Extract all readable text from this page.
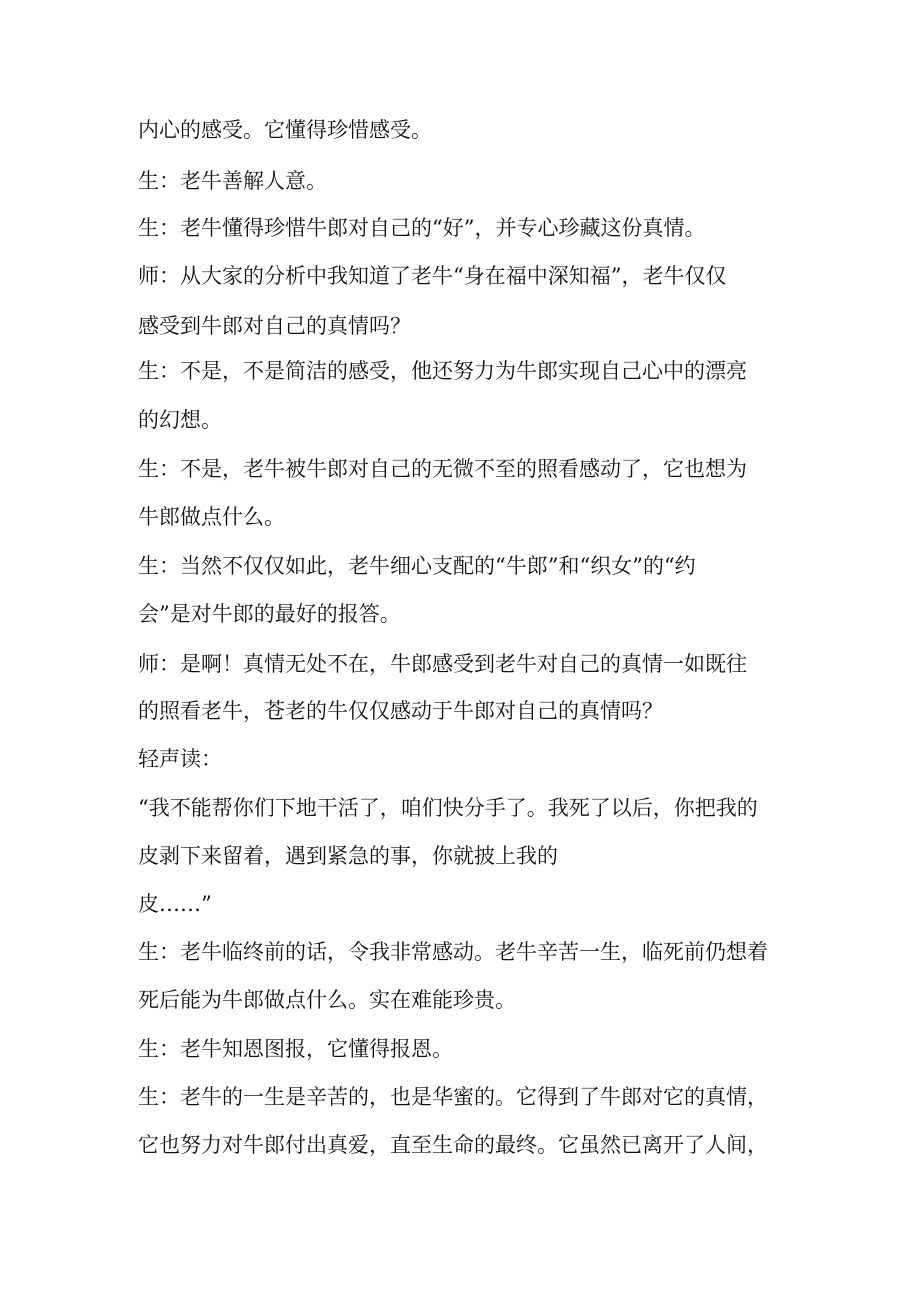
内心的感受。它懂得珍惜感受。

生：老牛善解人意。

生：老牛懂得珍惜牛郎对自己的“好”，并专心珍藏这份真情。

师：从大家的分析中我知道了老牛“身在福中深知福”，老牛仅仅

感受到牛郎对自己的真情吗？

生：不是，不是简洁的感受，他还努力为牛郎实现自己心中的漂亮

的幻想。

生：不是，老牛被牛郎对自己的无微不至的照看感动了，它也想为

牛郎做点什么。

生：当然不仅仅如此，老牛细心支配的“牛郎”和“织女”的“约

会”是对牛郎的最好的报答。

师：是啊！真情无处不在，牛郎感受到老牛对自己的真情一如既往

的照看老牛，苍老的牛仅仅感动于牛郎对自己的真情吗？

轻声读：

“我不能帮你们下地干活了，咱们快分手了。我死了以后，你把我的

皮剥下来留着，遇到紧急的事，你就披上我的

皮……”

生：老牛临终前的话，令我非常感动。老牛辛苦一生，临死前仍想着

死后能为牛郎做点什么。实在难能珍贵。

生：老牛知恩图报，它懂得报恩。

生：老牛的一生是辛苦的，也是华蜜的。它得到了牛郎对它的真情，

它也努力对牛郎付出真爱，直至生命的最终。它虽然已离开了人间，
